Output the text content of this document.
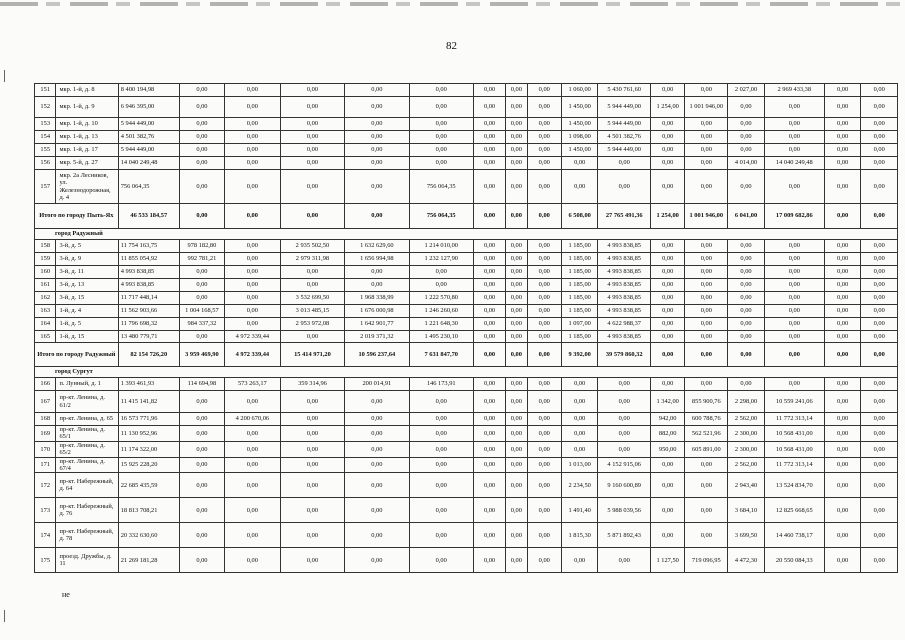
82
151	мкр. 1-й, д. 8	8 400 194,98	0,00	0,00	0,00	0,00	0,00	0,00	0,00	0,00	1 060,00	5 430 761,60	0,00	0,00	2 027,00	2 969 433,38	0,00	0,00
152	мкр. 1-й, д. 9	6 946 395,00	0,00	0,00	0,00	0,00	0,00	0,00	0,00	0,00	1 450,00	5 944 449,00	1 254,00	1 001 946,00	0,00	0,00	0,00	0,00
153	мкр. 1-й, д. 10	5 944 449,00	0,00	0,00	0,00	0,00	0,00	0,00	0,00	0,00	1 450,00	5 944 449,00	0,00	0,00	0,00	0,00	0,00	0,00
154	мкр. 1-й, д. 13	4 501 382,76	0,00	0,00	0,00	0,00	0,00	0,00	0,00	0,00	1 098,00	4 501 382,76	0,00	0,00	0,00	0,00	0,00	0,00
155	мкр. 1-й, д. 17	5 944 449,00	0,00	0,00	0,00	0,00	0,00	0,00	0,00	0,00	1 450,00	5 944 449,00	0,00	0,00	0,00	0,00	0,00	0,00
156	мкр. 5-й, д. 27	14 040 249,48	0,00	0,00	0,00	0,00	0,00	0,00	0,00	0,00	0,00	0,00	0,00	0,00	4 014,00	14 040 249,48	0,00	0,00
157	мкр. 2а Лесников, ул. Железнодорожная, д. 4	756 064,35	0,00	0,00	0,00	0,00	756 064,35	0,00	0,00	0,00	0,00	0,00	0,00	0,00	0,00	0,00	0,00	0,00
Итого по городу Пыть-Ях		46 533 184,57	0,00	0,00	0,00	0,00	756 064,35	0,00	0,00	0,00	6 508,00	27 765 491,36	1 254,00	1 001 946,00	6 041,00	17 009 682,86	0,00	0,00
город Радужный																		
158	3-й, д. 5	11 754 163,75	978 182,80	0,00	2 935 502,50	1 632 629,60	1 214 010,00	0,00	0,00	0,00	1 185,00	4 993 838,85	0,00	0,00	0,00	0,00	0,00	0,00
159	3-й, д. 9	11 855 054,92	992 781,21	0,00	2 979 311,98	1 656 994,98	1 232 127,90	0,00	0,00	0,00	1 185,00	4 993 838,85	0,00	0,00	0,00	0,00	0,00	0,00
160	3-й, д. 11	4 993 838,85	0,00	0,00	0,00	0,00	0,00	0,00	0,00	0,00	1 185,00	4 993 838,85	0,00	0,00	0,00	0,00	0,00	0,00
161	3-й, д. 13	4 993 838,85	0,00	0,00	0,00	0,00	0,00	0,00	0,00	0,00	1 185,00	4 993 838,85	0,00	0,00	0,00	0,00	0,00	0,00
162	3-й, д. 15	11 717 448,14	0,00	0,00	3 532 699,50	1 968 338,99	1 222 570,80	0,00	0,00	0,00	1 185,00	4 993 838,85	0,00	0,00	0,00	0,00	0,00	0,00
163	1-й, д. 4	11 562 903,66	1 004 168,57	0,00	3 013 485,15	1 676 000,98	1 246 260,60	0,00	0,00	0,00	1 185,00	4 993 838,85	0,00	0,00	0,00	0,00	0,00	0,00
164	1-й, д. 5	11 796 698,32	984 337,32	0,00	2 953 972,08	1 642 901,77	1 221 648,30	0,00	0,00	0,00	1 097,00	4 622 988,37	0,00	0,00	0,00	0,00	0,00	0,00
165	1-й, д. 15	13 480 779,71	0,00	4 972 339,44	0,00	2 019 371,32	1 495 230,10	0,00	0,00	0,00	1 185,00	4 993 838,85	0,00	0,00	0,00	0,00	0,00	0,00
Итого по городу Радужный		82 154 726,20	3 959 469,90	4 972 339,44	15 414 971,20	10 596 237,64	7 631 847,70	0,00	0,00	0,00	9 392,00	39 579 860,32	0,00	0,00	0,00	0,00	0,00	0,00
город Сургут																		
166	п. Лунный, д. 1	1 393 461,93	114 694,98	573 263,17	359 314,96	200 014,91	146 173,91	0,00	0,00	0,00	0,00	0,00	0,00	0,00	0,00	0,00	0,00	0,00
167	пр-кт. Ленина, д. 61/2	11 415 141,82	0,00	0,00	0,00	0,00	0,00	0,00	0,00	0,00	0,00	0,00	1 342,00	855 900,76	2 298,00	10 559 241,06	0,00	0,00
168	пр-кт. Ленина, д. 65	16 573 771,96	0,00	4 200 670,06	0,00	0,00	0,00	0,00	0,00	0,00	0,00	0,00	942,00	600 788,76	2 562,00	11 772 313,14	0,00	0,00
169	пр-кт. Ленина, д. 65/1	11 130 952,96	0,00	0,00	0,00	0,00	0,00	0,00	0,00	0,00	0,00	0,00	882,00	562 521,96	2 300,00	10 568 431,00	0,00	0,00
170	пр-кт. Ленина, д. 65/2	11 174 322,00	0,00	0,00	0,00	0,00	0,00	0,00	0,00	0,00	0,00	0,00	950,00	605 891,00	2 300,00	10 568 431,00	0,00	0,00
171	пр-кт. Ленина, д. 67/4	15 925 228,20	0,00	0,00	0,00	0,00	0,00	0,00	0,00	0,00	1 013,00	4 152 915,06	0,00	0,00	2 562,00	11 772 313,14	0,00	0,00
172	пр-кт. Набережный, д. 64	22 685 435,59	0,00	0,00	0,00	0,00	0,00	0,00	0,00	0,00	2 234,50	9 160 600,89	0,00	0,00	2 943,40	13 524 834,70	0,00	0,00
173	пр-кт. Набережный, д. 76	18 813 708,21	0,00	0,00	0,00	0,00	0,00	0,00	0,00	0,00	1 491,40	5 988 039,56	0,00	0,00	3 684,10	12 825 668,65	0,00	0,00
174	пр-кт. Набережный, д. 78	20 332 630,60	0,00	0,00	0,00	0,00	0,00	0,00	0,00	0,00	1 815,30	5 871 892,43	0,00	0,00	3 699,50	14 460 738,17	0,00	0,00
175	проезд. Дружбы, д. 11	21 269 181,28	0,00	0,00	0,00	0,00	0,00	0,00	0,00	0,00	0,00	0,00	1 127,50	719 096,95	4 472,30	20 550 084,33	0,00	0,00
не
